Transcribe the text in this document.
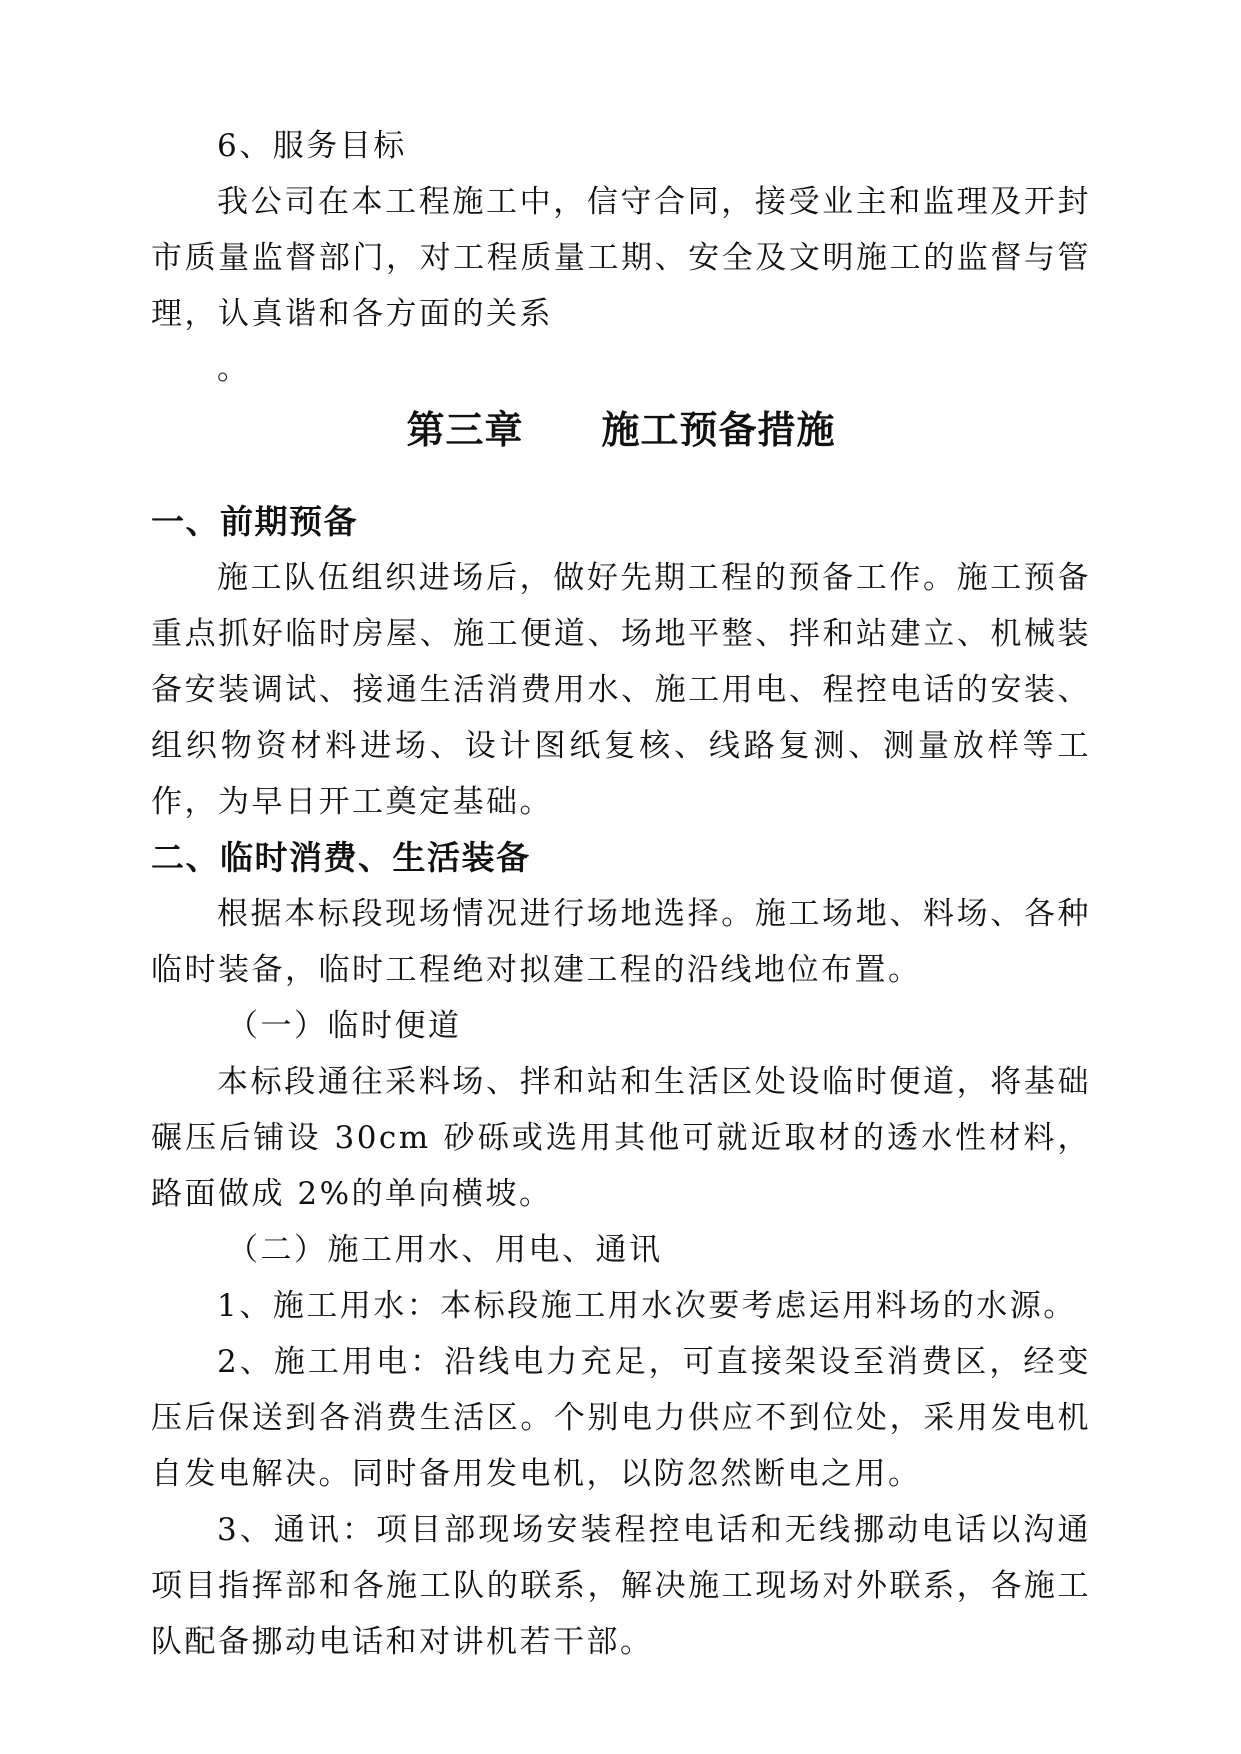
6、服务目标

我公司在本工程施工中，信守合同，接受业主和监理及开封市质量监督部门，对工程质量工期、安全及文明施工的监督与管理，认真谐和各方面的关系

。

第三章 施工预备措施
一、前期预备

施工队伍组织进场后，做好先期工程的预备工作。施工预备重点抓好临时房屋、施工便道、场地平整、拌和站建立、机械装备安装调试、接通生活消费用水、施工用电、程控电话的安装、组织物资材料进场、设计图纸复核、线路复测、测量放样等工作，为早日开工奠定基础。

二、临时消费、生活装备

根据本标段现场情况进行场地选择。施工场地、料场、各种临时装备，临时工程绝对拟建工程的沿线地位布置。

（一）临时便道

本标段通往采料场、拌和站和生活区处设临时便道，将基础碾压后铺设 30cm 砂砾或选用其他可就近取材的透水性材料，路面做成 2%的单向横坡。

（二）施工用水、用电、通讯

1、施工用水：本标段施工用水次要考虑运用料场的水源。

2、施工用电：沿线电力充足，可直接架设至消费区，经变压后保送到各消费生活区。个别电力供应不到位处，采用发电机自发电解决。同时备用发电机，以防忽然断电之用。

3、通讯：项目部现场安装程控电话和无线挪动电话以沟通项目指挥部和各施工队的联系，解决施工现场对外联系，各施工队配备挪动电话和对讲机若干部。
